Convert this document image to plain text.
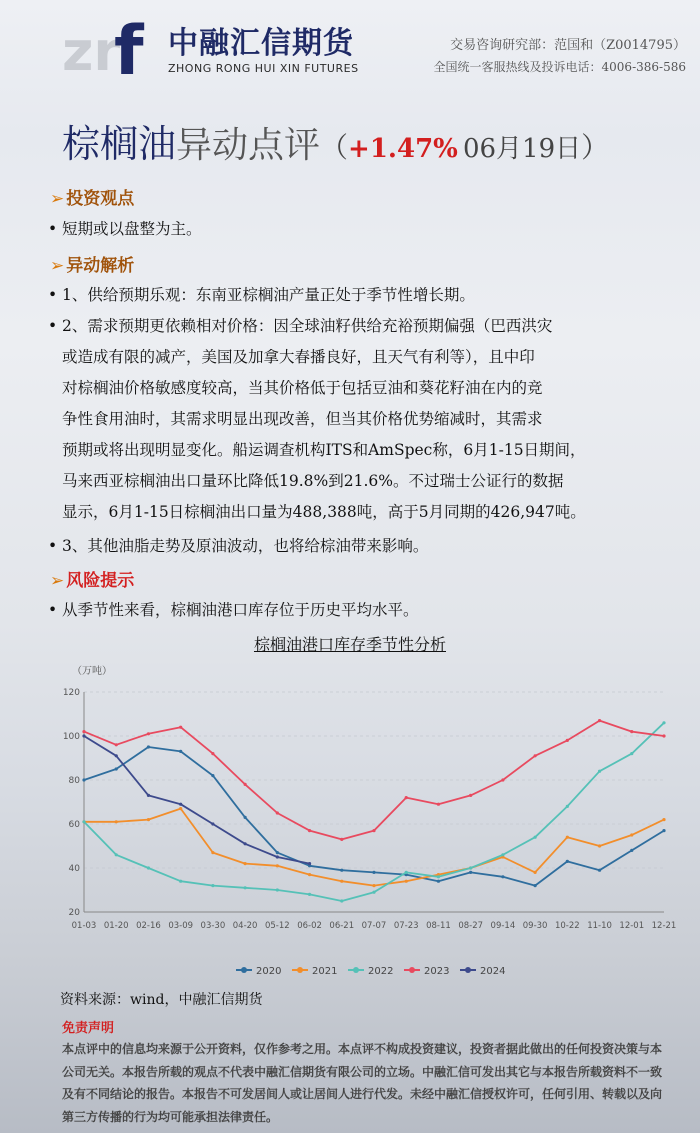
zr
f 中融汇信期货
ZHONG RONG HUI XIN FUTURES
交易咨询研究部：范国和（Z0014795）
全国统一客服热线及投诉电话：4006-386-586
棕榈油异动点评（+1.47% 06月19日）
➢ 投资观点
• 短期或以盘整为主。
➢ 异动解析
• 1、供给预期乐观：东南亚棕榈油产量正处于季节性增长期。
• 2、需求预期更依赖相对价格：因全球油籽供给充裕预期偏强（巴西洪灾
或造成有限的减产，美国及加拿大春播良好，且天气有利等），且中印
对棕榈油价格敏感度较高，当其价格低于包括豆油和葵花籽油在内的竞
争性食用油时，其需求明显出现改善，但当其价格优势缩减时，其需求
预期或将出现明显变化。船运调查机构ITS和AmSpec称，6月1-15日期间，
马来西亚棕榈油出口量环比降低19.8%到21.6%。不过瑞士公证行的数据
显示，6月1-15日棕榈油出口量为488,388吨，高于5月同期的426,947吨。
• 3、其他油脂走势及原油波动，也将给棕油带来影响。
➢ 风险提示
• 从季节性来看，棕榈油港口库存位于历史平均水平。
棕榈油港口库存季节性分析
（万吨）
20
40
60
80
100
120
01-03 01-20 02-16 03-09 03-30 04-20 05-12 06-02 06-21 07-07 07-23 08-11 08-27 09-14 09-30 10-22 11-10 12-01 12-21
2020	2021	2022	2023	2024
资料来源：wind，中融汇信期货
免责声明
本点评中的信息均来源于公开资料，仅作参考之用。本点评不构成投资建议，投资者据此做出的任何投资决策与本公司无关。本报告所载的观点不代表中融汇信期货有限公司的立场。中融汇信可发出其它与本报告所载资料不一致及有不同结论的报告。本报告不可发居间人或让居间人进行代发。未经中融汇信授权许可，任何引用、转载以及向第三方传播的行为均可能承担法律责任。
